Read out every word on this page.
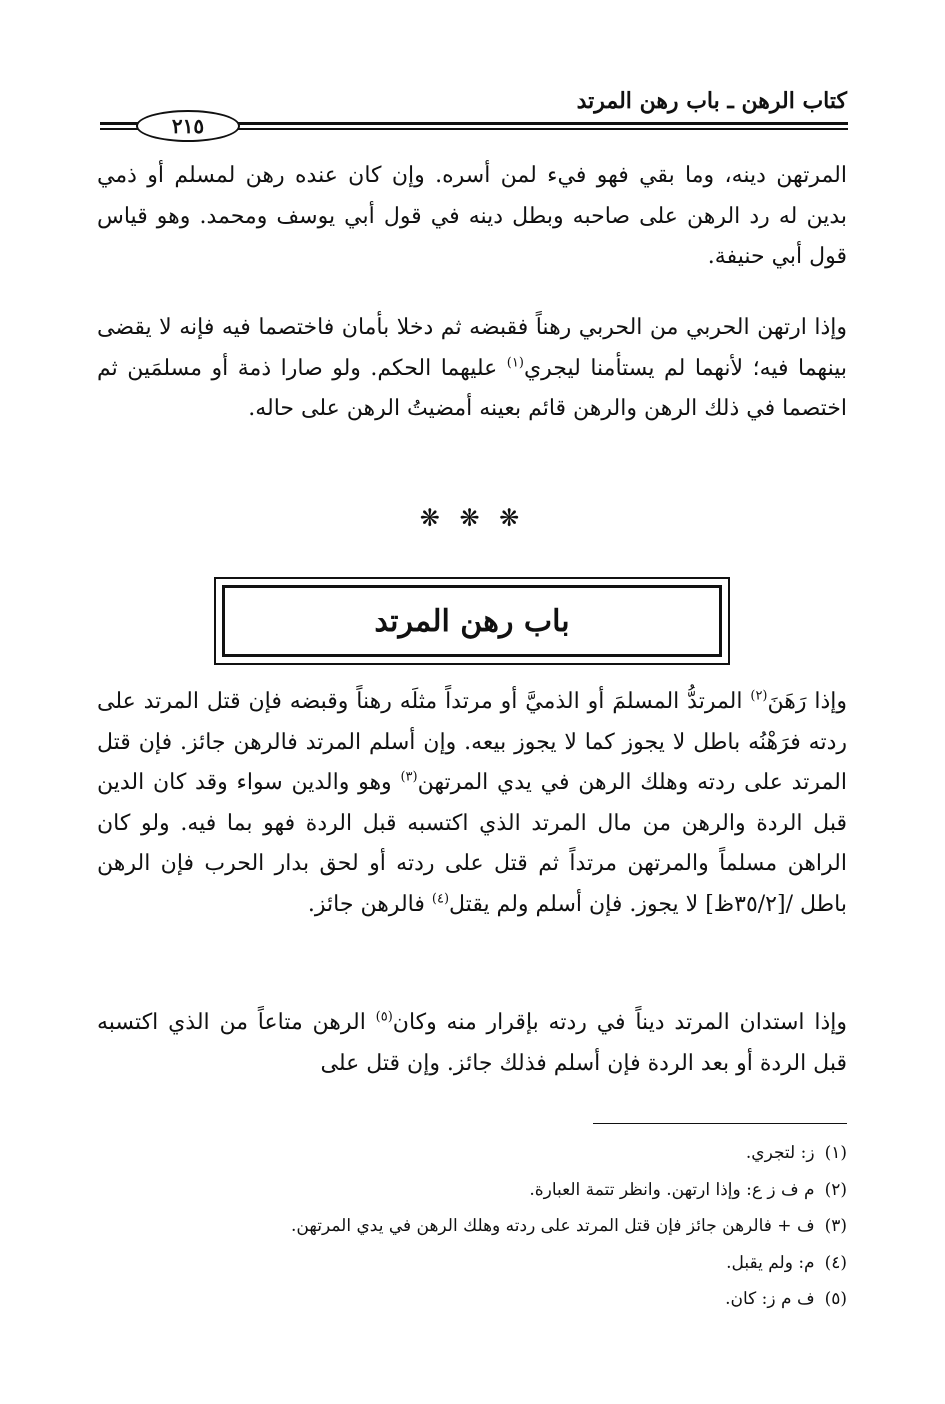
كتاب الرهن ـ باب رهن المرتد
٢١٥
المرتهن دينه، وما بقي فهو فيء لمن أسره. وإن كان عنده رهن لمسلم أو ذمي بدين له رد الرهن على صاحبه وبطل دينه في قول أبي يوسف ومحمد. وهو قياس قول أبي حنيفة.
وإذا ارتهن الحربي من الحربي رهناً فقبضه ثم دخلا بأمان فاختصما فيه فإنه لا يقضى بينهما فيه؛ لأنهما لم يستأمنا ليجري$^{(١)}$ عليهما الحكم. ولو صارا ذمة أو مسلمَين ثم اختصما في ذلك الرهن والرهن قائم بعينه أمضيتُ الرهن على حاله.
❋ ❋ ❋
باب رهن المرتد
وإذا رَهَنَ$^{(٢)}$ المرتدُّ المسلمَ أو الذميَّ أو مرتداً مثلَه رهناً وقبضه فإن قتل المرتد على ردته فرَهْنُه باطل لا يجوز كما لا يجوز بيعه. وإن أسلم المرتد فالرهن جائز. فإن قتل المرتد على ردته وهلك الرهن في يدي المرتهن$^{(٣)}$ وهو والدين سواء وقد كان الدين قبل الردة والرهن من مال المرتد الذي اكتسبه قبل الردة فهو بما فيه. ولو كان الراهن مسلماً والمرتهن مرتداً ثم قتل على ردته أو لحق بدار الحرب فإن الرهن باطل /[٣٥/٢ظ] لا يجوز. فإن أسلم ولم يقتل$^{(٤)}$ فالرهن جائز.
وإذا استدان المرتد ديناً في ردته بإقرار منه وكان$^{(٥)}$ الرهن متاعاً من الذي اكتسبه قبل الردة أو بعد الردة فإن أسلم فذلك جائز. وإن قتل على
(١)ز: لتجري.
(٢)م ف ز ع: وإذا ارتهن. وانظر تتمة العبارة.
(٣)ف + فالرهن جائز فإن قتل المرتد على ردته وهلك الرهن في يدي المرتهن.
(٤)م: ولم يقبل.
(٥)ف م ز: كان.
